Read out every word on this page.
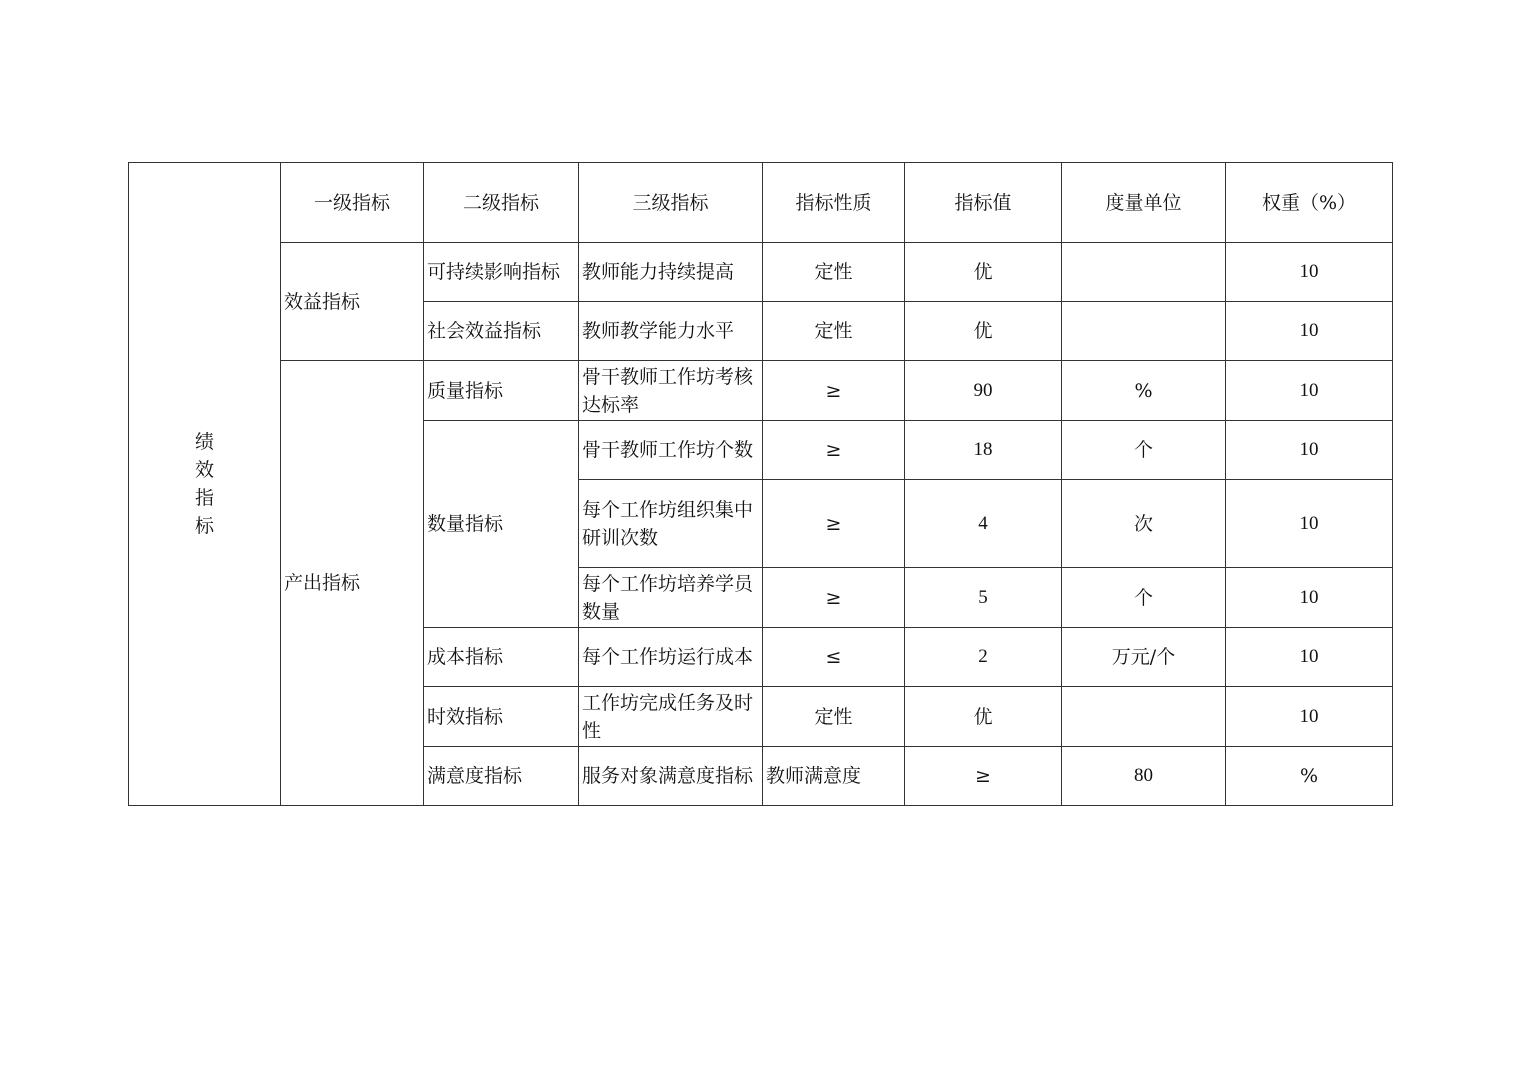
绩
效
指
标	一级指标	二级指标	三级指标	指标性质	指标值	度量单位	权重（%）	
	效益指标	可持续影响指标	教师能力持续提高	定性	优		10	
		社会效益指标	教师教学能力水平	定性	优		10	
	产出指标	质量指标	骨干教师工作坊考核达标率	≥	90	%	10	
		数量指标	骨干教师工作坊个数	≥	18	个	10	
			每个工作坊组织集中研训次数	≥	4	次	10	
			每个工作坊培养学员数量	≥	5	个	10	
		成本指标	每个工作坊运行成本	≤	2	万元/个	10	
		时效指标	工作坊完成任务及时性	定性	优		10	
		满意度指标	服务对象满意度指标	教师满意度	≥	80	%	
